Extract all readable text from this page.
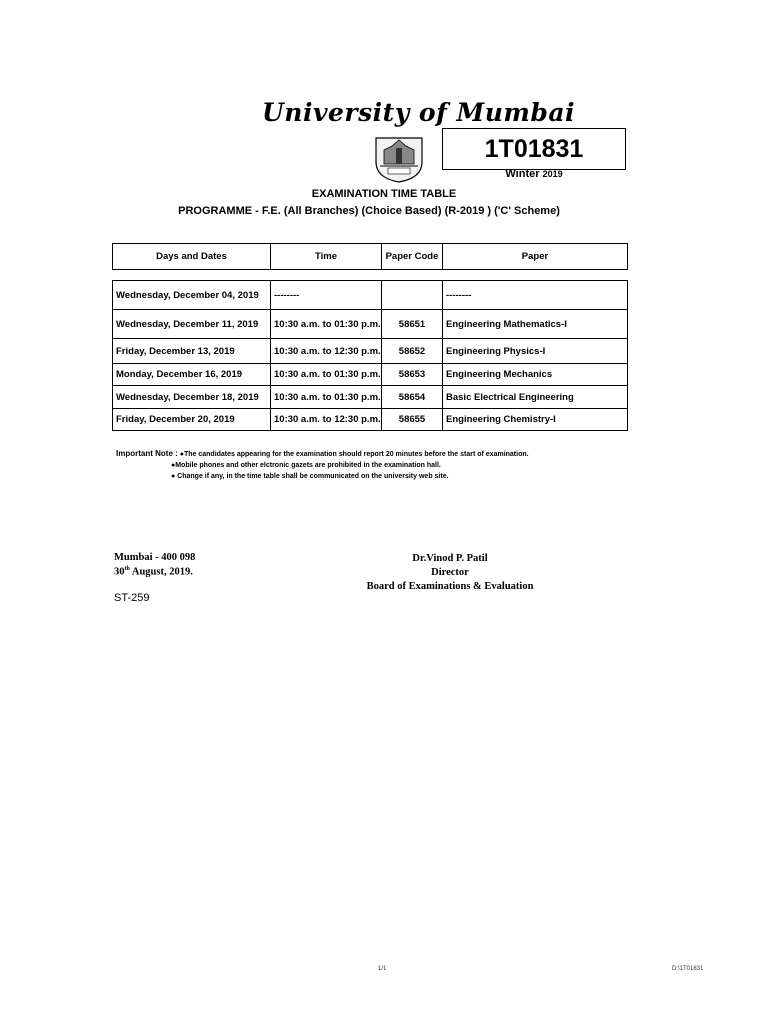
University of Mumbai
1T01831
Winter 2019
EXAMINATION TIME TABLE
PROGRAMME - F.E. (All Branches) (Choice Based) (R-2019 ) ('C' Scheme)
Days and Dates	Time	Paper Code	Paper
Wednesday, December 04, 2019	--------		--------
Wednesday, December 11, 2019	10:30 a.m. to 01:30 p.m.	58651	Engineering Mathematics-I
Friday, December 13, 2019	10:30 a.m. to 12:30 p.m.	58652	Engineering Physics-I
Monday, December 16, 2019	10:30 a.m. to 01:30 p.m.	58653	Engineering Mechanics
Wednesday, December 18, 2019	10:30 a.m. to 01:30 p.m.	58654	Basic Electrical Engineering
Friday, December 20, 2019	10:30 a.m. to 12:30 p.m.	58655	Engineering Chemistry-I
Important Note : ●The candidates appearing for the examination should report 20 minutes before the start of examination.
●Mobile phones and other elctronic gazets are prohibited in the examination hall.
● Change if any, in the time table shall be communicated on the university web site.
Mumbai - 400 098
30th August, 2019.
ST-259
Dr.Vinod P. Patil
Director
Board of Examinations & Evaluation
1/1	D:\1T01831
